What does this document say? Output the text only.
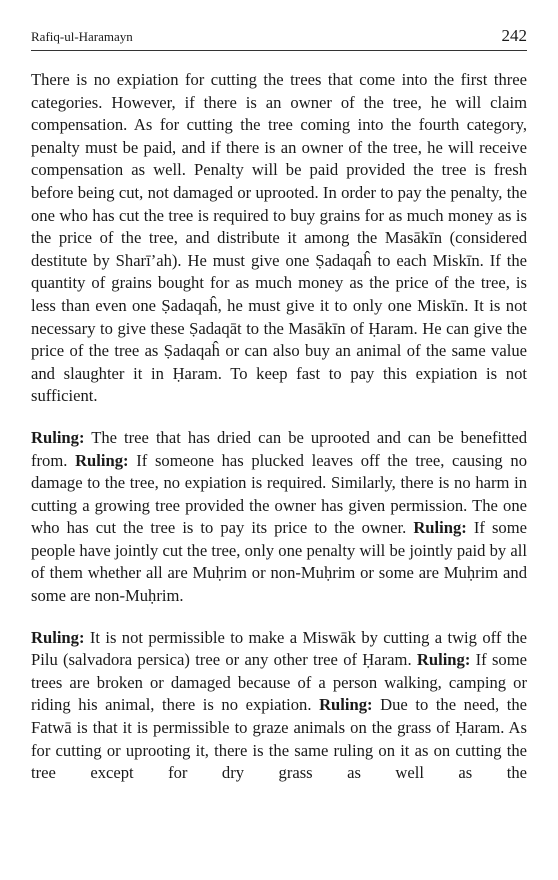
Rafiq-ul-Haramayn	242

There is no expiation for cutting the trees that come into the first three categories. However, if there is an owner of the tree, he will claim compensation. As for cutting the tree coming into the fourth category, penalty must be paid, and if there is an owner of the tree, he will receive compensation as well. Penalty will be paid provided the tree is fresh before being cut, not damaged or uprooted. In order to pay the penalty, the one who has cut the tree is required to buy grains for as much money as is the price of the tree, and distribute it among the Masākīn (considered destitute by Sharī’ah). He must give one Ṣadaqaĥ to each Miskīn. If the quantity of grains bought for as much money as the price of the tree, is less than even one Ṣadaqaĥ, he must give it to only one Miskīn. It is not necessary to give these Ṣadaqāt to the Masākīn of Ḥaram. He can give the price of the tree as Ṣadaqaĥ or can also buy an animal of the same value and slaughter it in Ḥaram. To keep fast to pay this expiation is not sufficient.

Ruling: The tree that has dried can be uprooted and can be benefitted from. Ruling: If someone has plucked leaves off the tree, causing no damage to the tree, no expiation is required. Similarly, there is no harm in cutting a growing tree provided the owner has given permission. The one who has cut the tree is to pay its price to the owner. Ruling: If some people have jointly cut the tree, only one penalty will be jointly paid by all of them whether all are Muḥrim or non-Muḥrim or some are Muḥrim and some are non-Muḥrim.

Ruling: It is not permissible to make a Miswāk by cutting a twig off the Pilu (salvadora persica) tree or any other tree of Ḥaram. Ruling: If some trees are broken or damaged because of a person walking, camping or riding his animal, there is no expiation. Ruling: Due to the need, the Fatwā is that it is permissible to graze animals on the grass of Ḥaram. As for cutting or uprooting it, there is the same ruling on it as on cutting the tree except for dry grass as well as the
